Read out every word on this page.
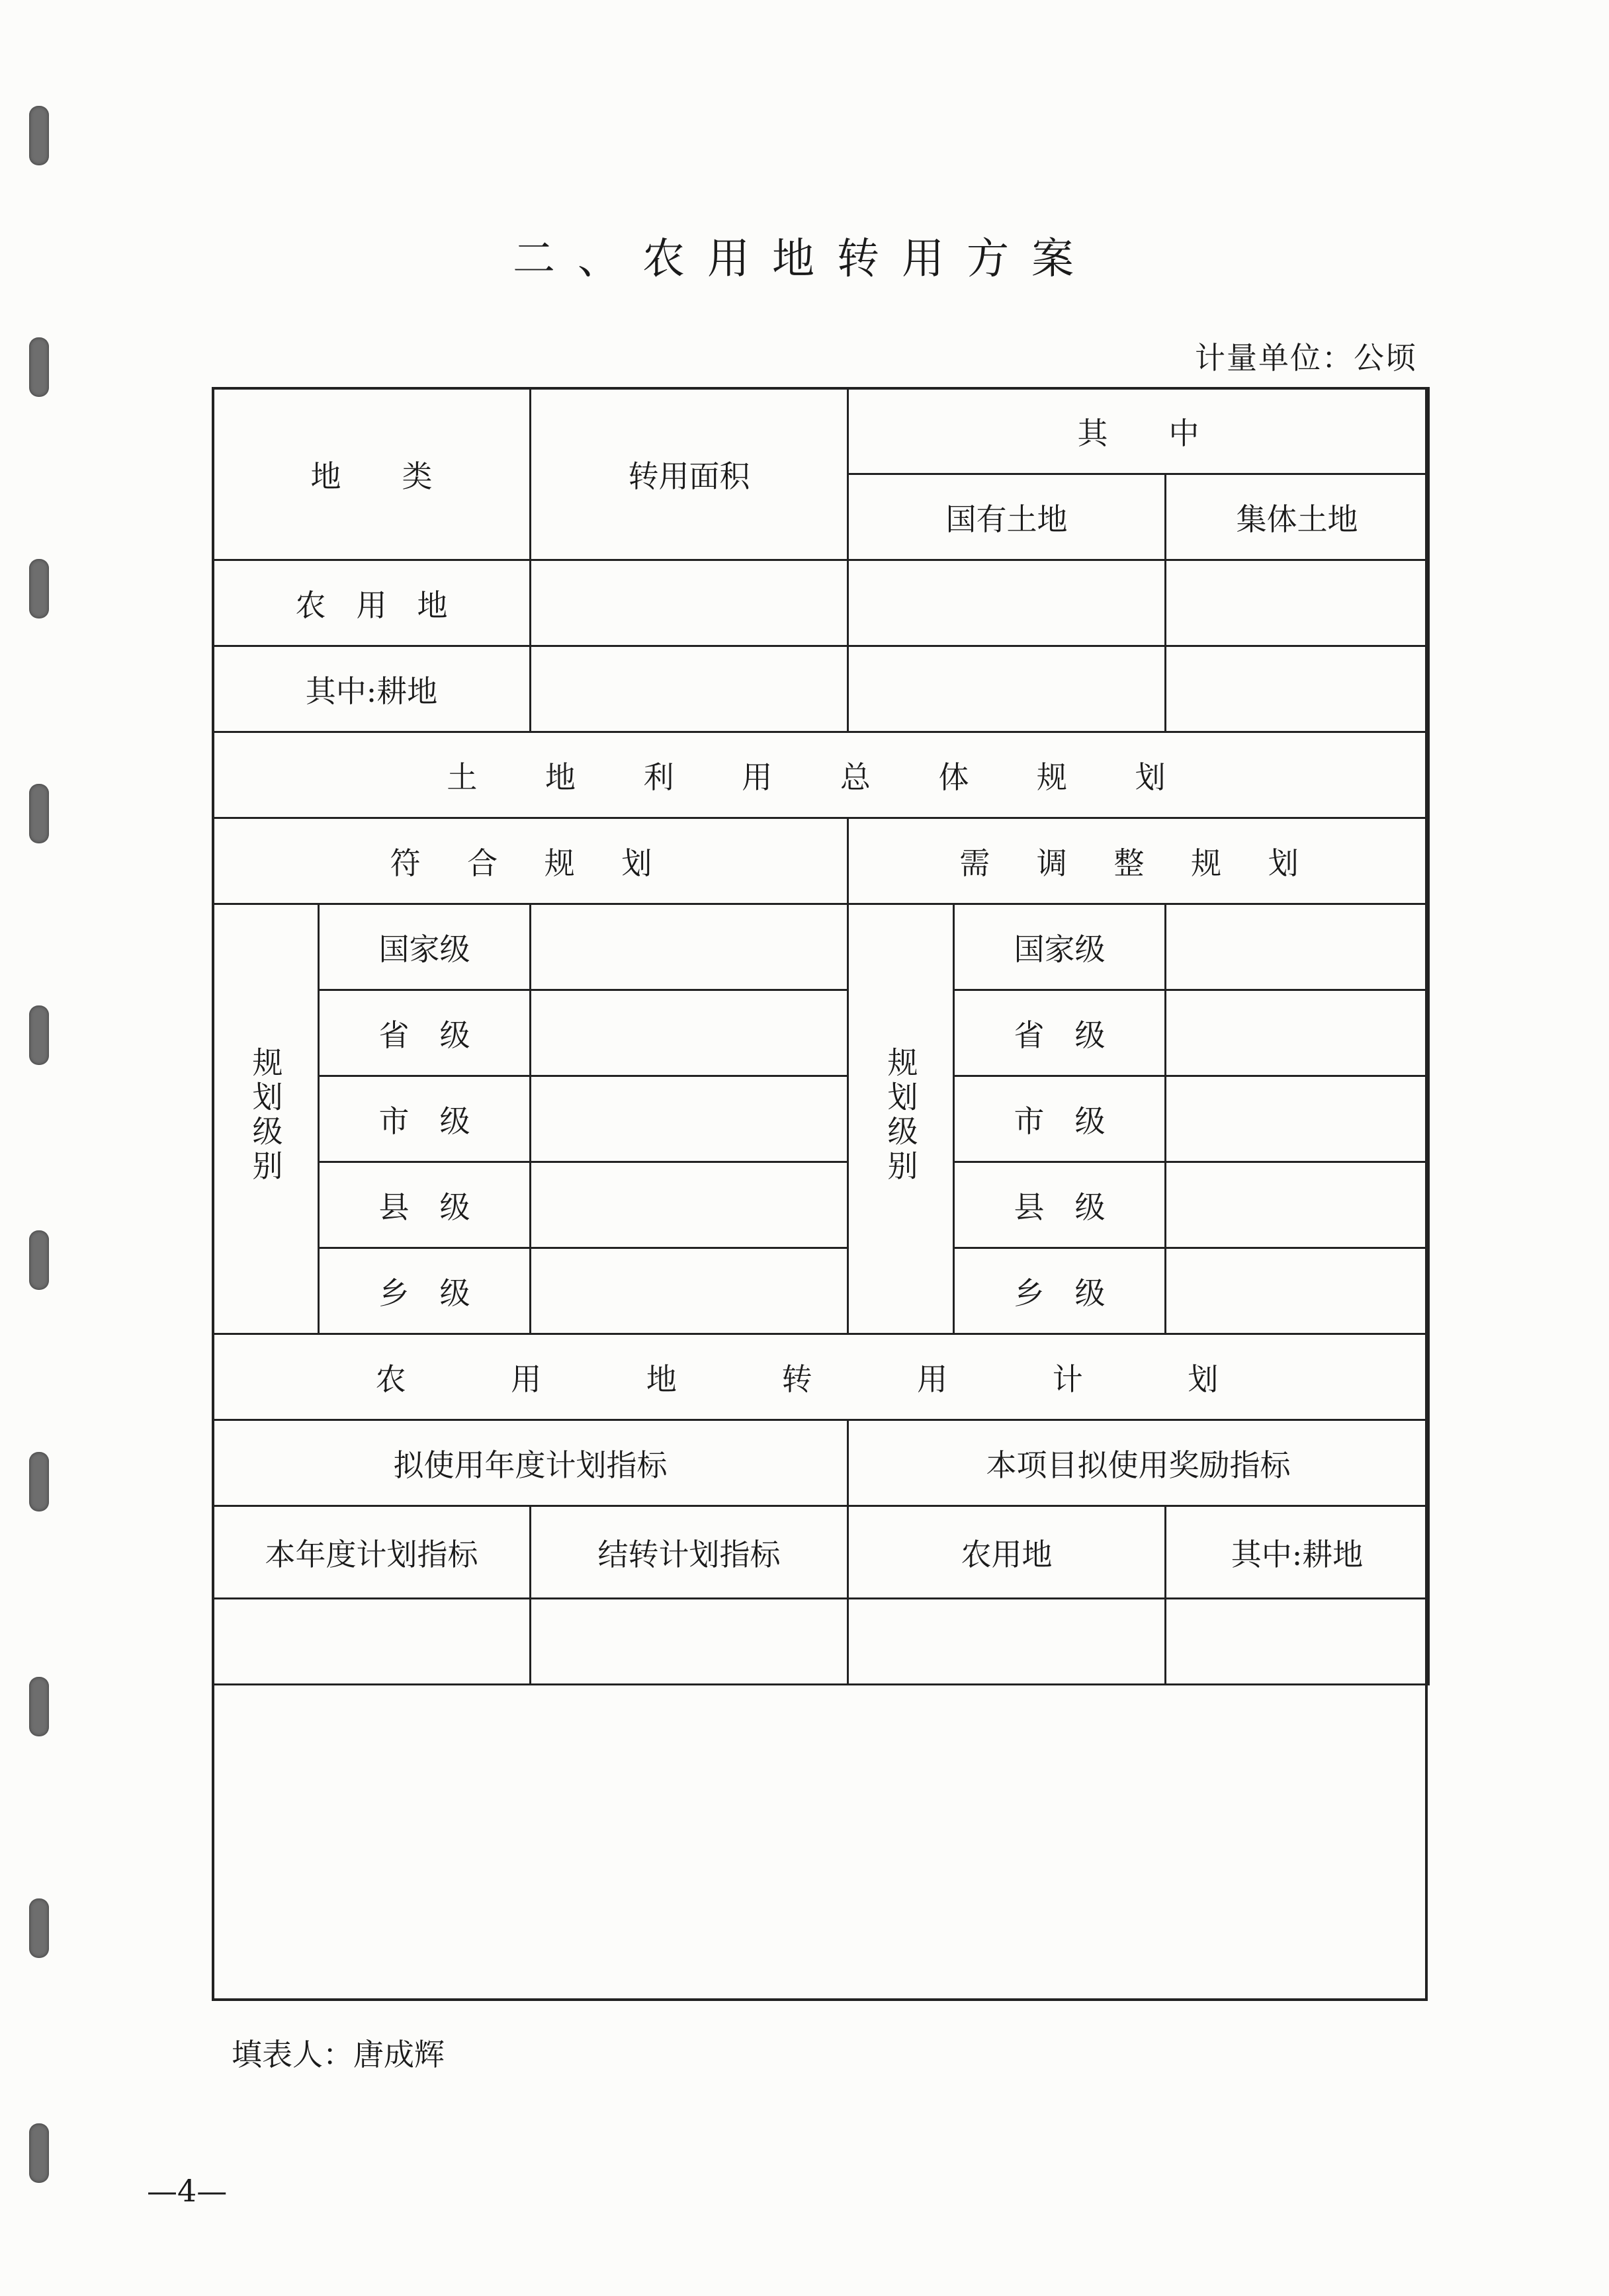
二、农用地转用方案
计量单位：公顷
地　　类		转用面积	其　　中		
			国有土地		集体土地
农　用　地					
其中:耕地					
土 地 利 用 总 体 规 划					
符 合 规 划			需 调 整 规 划		
规划级别	国家级		规划级别	国家级	
	省　级			省　级	
	市　级			市　级	
	县　级			县　级	
	乡　级			乡　级	
农 用 地 转 用 计 划					
拟使用年度计划指标			本项目拟使用奖励指标		
本年度计划指标		结转计划指标	农用地		其中:耕地

填表人：唐成辉
—4—
